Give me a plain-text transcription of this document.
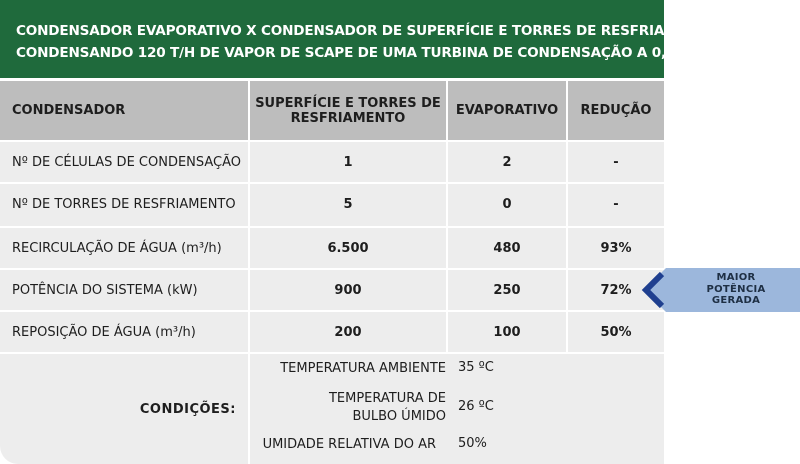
CONDENSADOR EVAPORATIVO X CONDENSADOR DE SUPERFÍCIE E TORRES DE RESFRIAMENTO
CONDENSANDO 120 T/H DE VAPOR DE SCAPE DE UMA TURBINA DE CONDENSAÇÃO A 0,11 BAR(a)
CONDENSADOR	SUPERFÍCIE E TORRES DE RESFRIAMENTO	EVAPORATIVO	REDUÇÃO
Nº DE CÉLULAS DE CONDENSAÇÃO	1	2	-
Nº DE TORRES DE RESFRIAMENTO	5	0	-
RECIRCULAÇÃO DE ÁGUA (m³/h)	6.500	480	93%
POTÊNCIA DO SISTEMA (kW)	900	250	72%
REPOSIÇÃO DE ÁGUA (m³/h)	200	100	50%
CONDIÇÕES:
TEMPERATURA AMBIENTE 35 ºC
TEMPERATURA DE
BULBO ÚMIDO
26 ºC
UMIDADE RELATIVA DO AR 50%
MAIOR
POTÊNCIA
GERADA
